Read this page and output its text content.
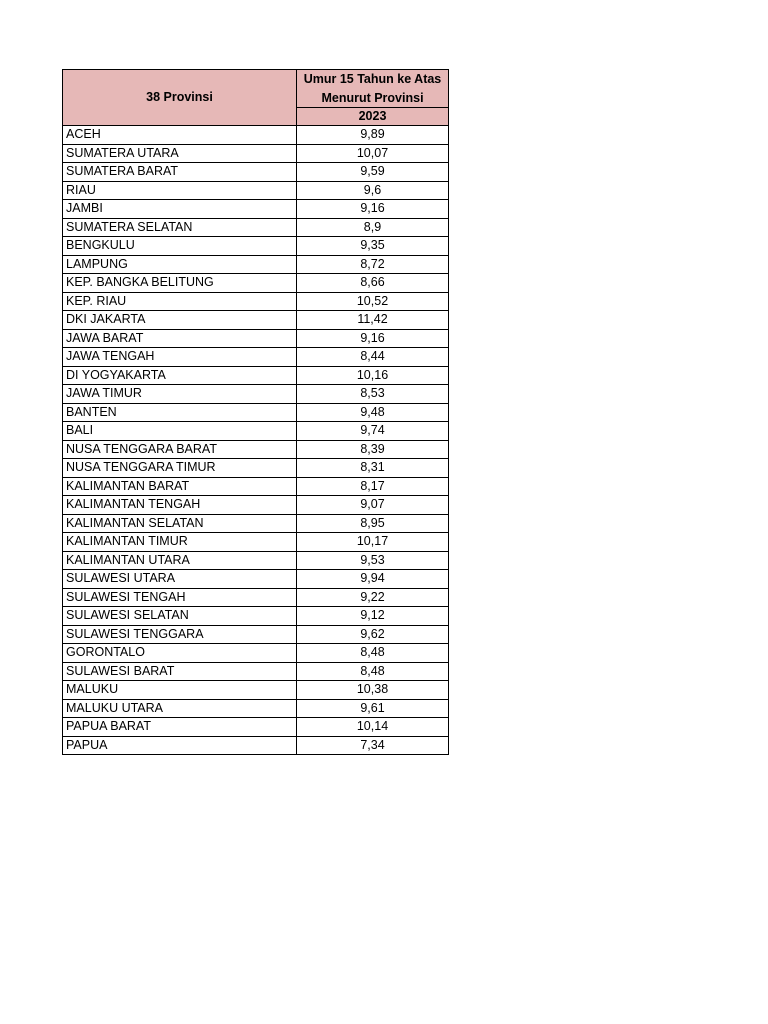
38 Provinsi	Umur 15 Tahun ke Atas Menurut Provinsi
	2023
ACEH	9,89
SUMATERA UTARA	10,07
SUMATERA BARAT	9,59
RIAU	9,6
JAMBI	9,16
SUMATERA SELATAN	8,9
BENGKULU	9,35
LAMPUNG	8,72
KEP. BANGKA BELITUNG	8,66
KEP. RIAU	10,52
DKI JAKARTA	11,42
JAWA BARAT	9,16
JAWA TENGAH	8,44
DI YOGYAKARTA	10,16
JAWA TIMUR	8,53
BANTEN	9,48
BALI	9,74
NUSA TENGGARA BARAT	8,39
NUSA TENGGARA TIMUR	8,31
KALIMANTAN BARAT	8,17
KALIMANTAN TENGAH	9,07
KALIMANTAN SELATAN	8,95
KALIMANTAN TIMUR	10,17
KALIMANTAN UTARA	9,53
SULAWESI UTARA	9,94
SULAWESI TENGAH	9,22
SULAWESI SELATAN	9,12
SULAWESI TENGGARA	9,62
GORONTALO	8,48
SULAWESI BARAT	8,48
MALUKU	10,38
MALUKU UTARA	9,61
PAPUA BARAT	10,14
PAPUA	7,34
